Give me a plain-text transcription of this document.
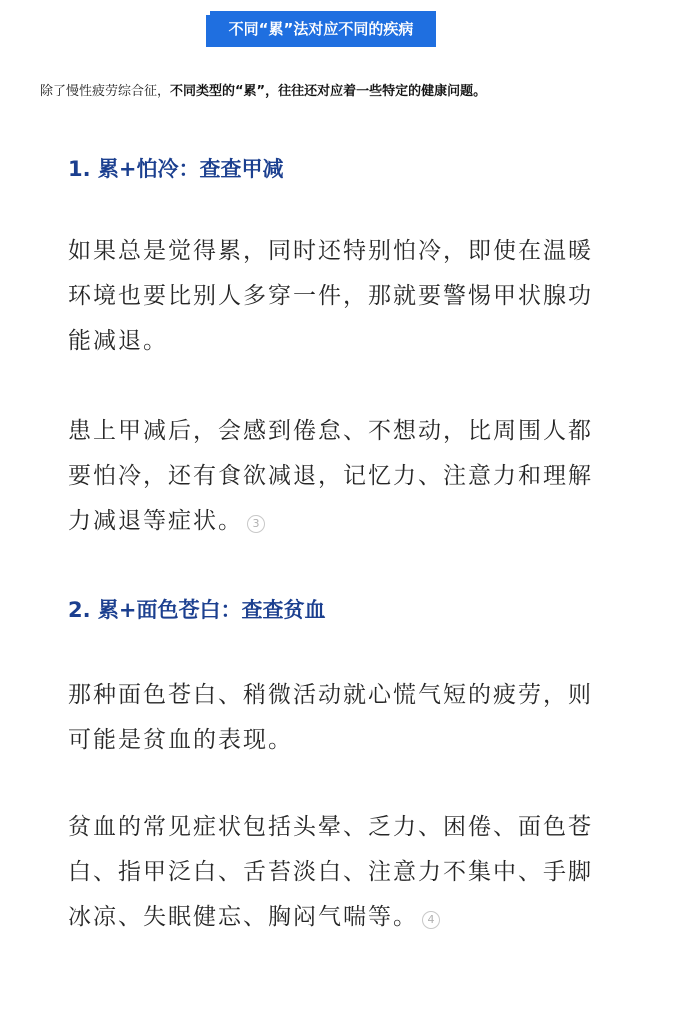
不同“累”法对应不同的疾病
除了慢性疲劳综合征，不同类型的“累”，往往还对应着一些特定的健康问题。
1. 累+怕冷：查查甲减
如果总是觉得累，同时还特别怕冷，即使在温暖环境也要比别人多穿一件，那就要警惕甲状腺功能减退。
患上甲减后，会感到倦怠、不想动，比周围人都要怕冷，还有食欲减退，记忆力、注意力和理解力减退等症状。 3
2. 累+面色苍白：查查贫血
那种面色苍白、稍微活动就心慌气短的疲劳，则可能是贫血的表现。
贫血的常见症状包括头晕、乏力、困倦、面色苍白、指甲泛白、舌苔淡白、注意力不集中、手脚冰凉、失眠健忘、胸闷气喘等。 4
